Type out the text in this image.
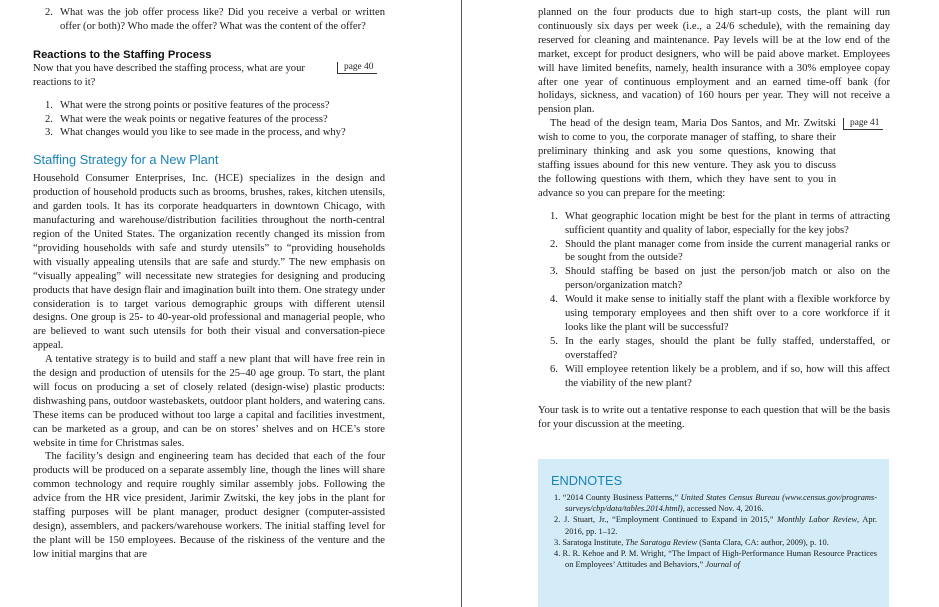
2. What was the job offer process like? Did you receive a verbal or written offer (or both)? Who made the offer? What was the content of the offer?
Reactions to the Staffing Process

Now that you have described the staffing process, what are your reactions to it?

1. What were the strong points or positive features of the process?
2. What were the weak points or negative features of the process?
3. What changes would you like to see made in the process, and why?
Staffing Strategy for a New Plant

Household Consumer Enterprises, Inc. (HCE) specializes in the design and production of household products such as brooms, brushes, rakes, kitchen utensils, and garden tools. It has its corporate headquarters in downtown Chicago, with manufacturing and warehouse/distribution facilities throughout the north-central region of the United States. The organization recently changed its mission from “providing households with safe and sturdy utensils” to “providing households with visually appealing utensils that are safe and sturdy.” The new emphasis on “visually appealing” will necessitate new strategies for designing and producing products that have design flair and imagination built into them. One strategy under consideration is to target various demographic groups with different utensil designs. One group is 25- to 40-year-old professional and managerial people, who are believed to want such utensils for both their visual and conversation-piece appeal.

A tentative strategy is to build and staff a new plant that will have free rein in the design and production of utensils for the 25–40 age group. To start, the plant will focus on producing a set of closely related (design-wise) plastic products: dishwashing pans, outdoor wastebaskets, outdoor plant holders, and watering cans. These items can be produced without too large a capital and facilities investment, can be marketed as a group, and can be on stores’ shelves and on HCE’s store website in time for Christmas sales.

The facility’s design and engineering team has decided that each of the four products will be produced on a separate assembly line, though the lines will share common technology and require roughly similar assembly jobs. Following the advice from the HR vice president, Jarimir Zwitski, the key jobs in the plant for staffing purposes will be plant manager, product designer (computer-assisted design), assemblers, and packers/warehouse workers. The initial staffing level for the plant will be 150 employees. Because of the riskiness of the venture and the low initial margins that are

page 40

planned on the four products due to high start-up costs, the plant will run continuously six days per week (i.e., a 24/6 schedule), with the remaining day reserved for cleaning and maintenance. Pay levels will be at the low end of the market, except for product designers, who will be paid above market. Employees will have limited benefits, namely, health insurance with a 30% employee copay after one year of continuous employment and an earned time-off bank (for holidays, sickness, and vacation) of 160 hours per year. They will not receive a pension plan.

The head of the design team, Maria Dos Santos, and Mr. Zwitski wish to come to you, the corporate manager of staffing, to share their preliminary thinking and ask you some questions, knowing that staffing issues abound for this new venture. They ask you to discuss the following questions with them, which they have sent to you in advance so you can prepare for the meeting:

1. What geographic location might be best for the plant in terms of attracting sufficient quantity and quality of labor, especially for the key jobs?
2. Should the plant manager come from inside the current managerial ranks or be sought from the outside?
3. Should staffing be based on just the person/job match or also on the person/organization match?
4. Would it make sense to initially staff the plant with a flexible workforce by using temporary employees and then shift over to a core workforce if it looks like the plant will be successful?
5. In the early stages, should the plant be fully staffed, understaffed, or overstaffed?
6. Will employee retention likely be a problem, and if so, how will this affect the viability of the new plant?

Your task is to write out a tentative response to each question that will be the basis for your discussion at the meeting.

page 41
ENDNOTES
1. “2014 County Business Patterns,” United States Census Bureau (www.census.gov/programs-surveys/cbp/data/tables.2014.html), accessed Nov. 4, 2016.
2. J. Stuart, Jr., “Employment Continued to Expand in 2015,” Monthly Labor Review, Apr. 2016, pp. 1–12.
3. Saratoga Institute, The Saratoga Review (Santa Clara, CA: author, 2009), p. 10.
4. R. R. Kehoe and P. M. Wright, “The Impact of High-Performance Human Resource Practices on Employees’ Attitudes and Behaviors,” Journal of
